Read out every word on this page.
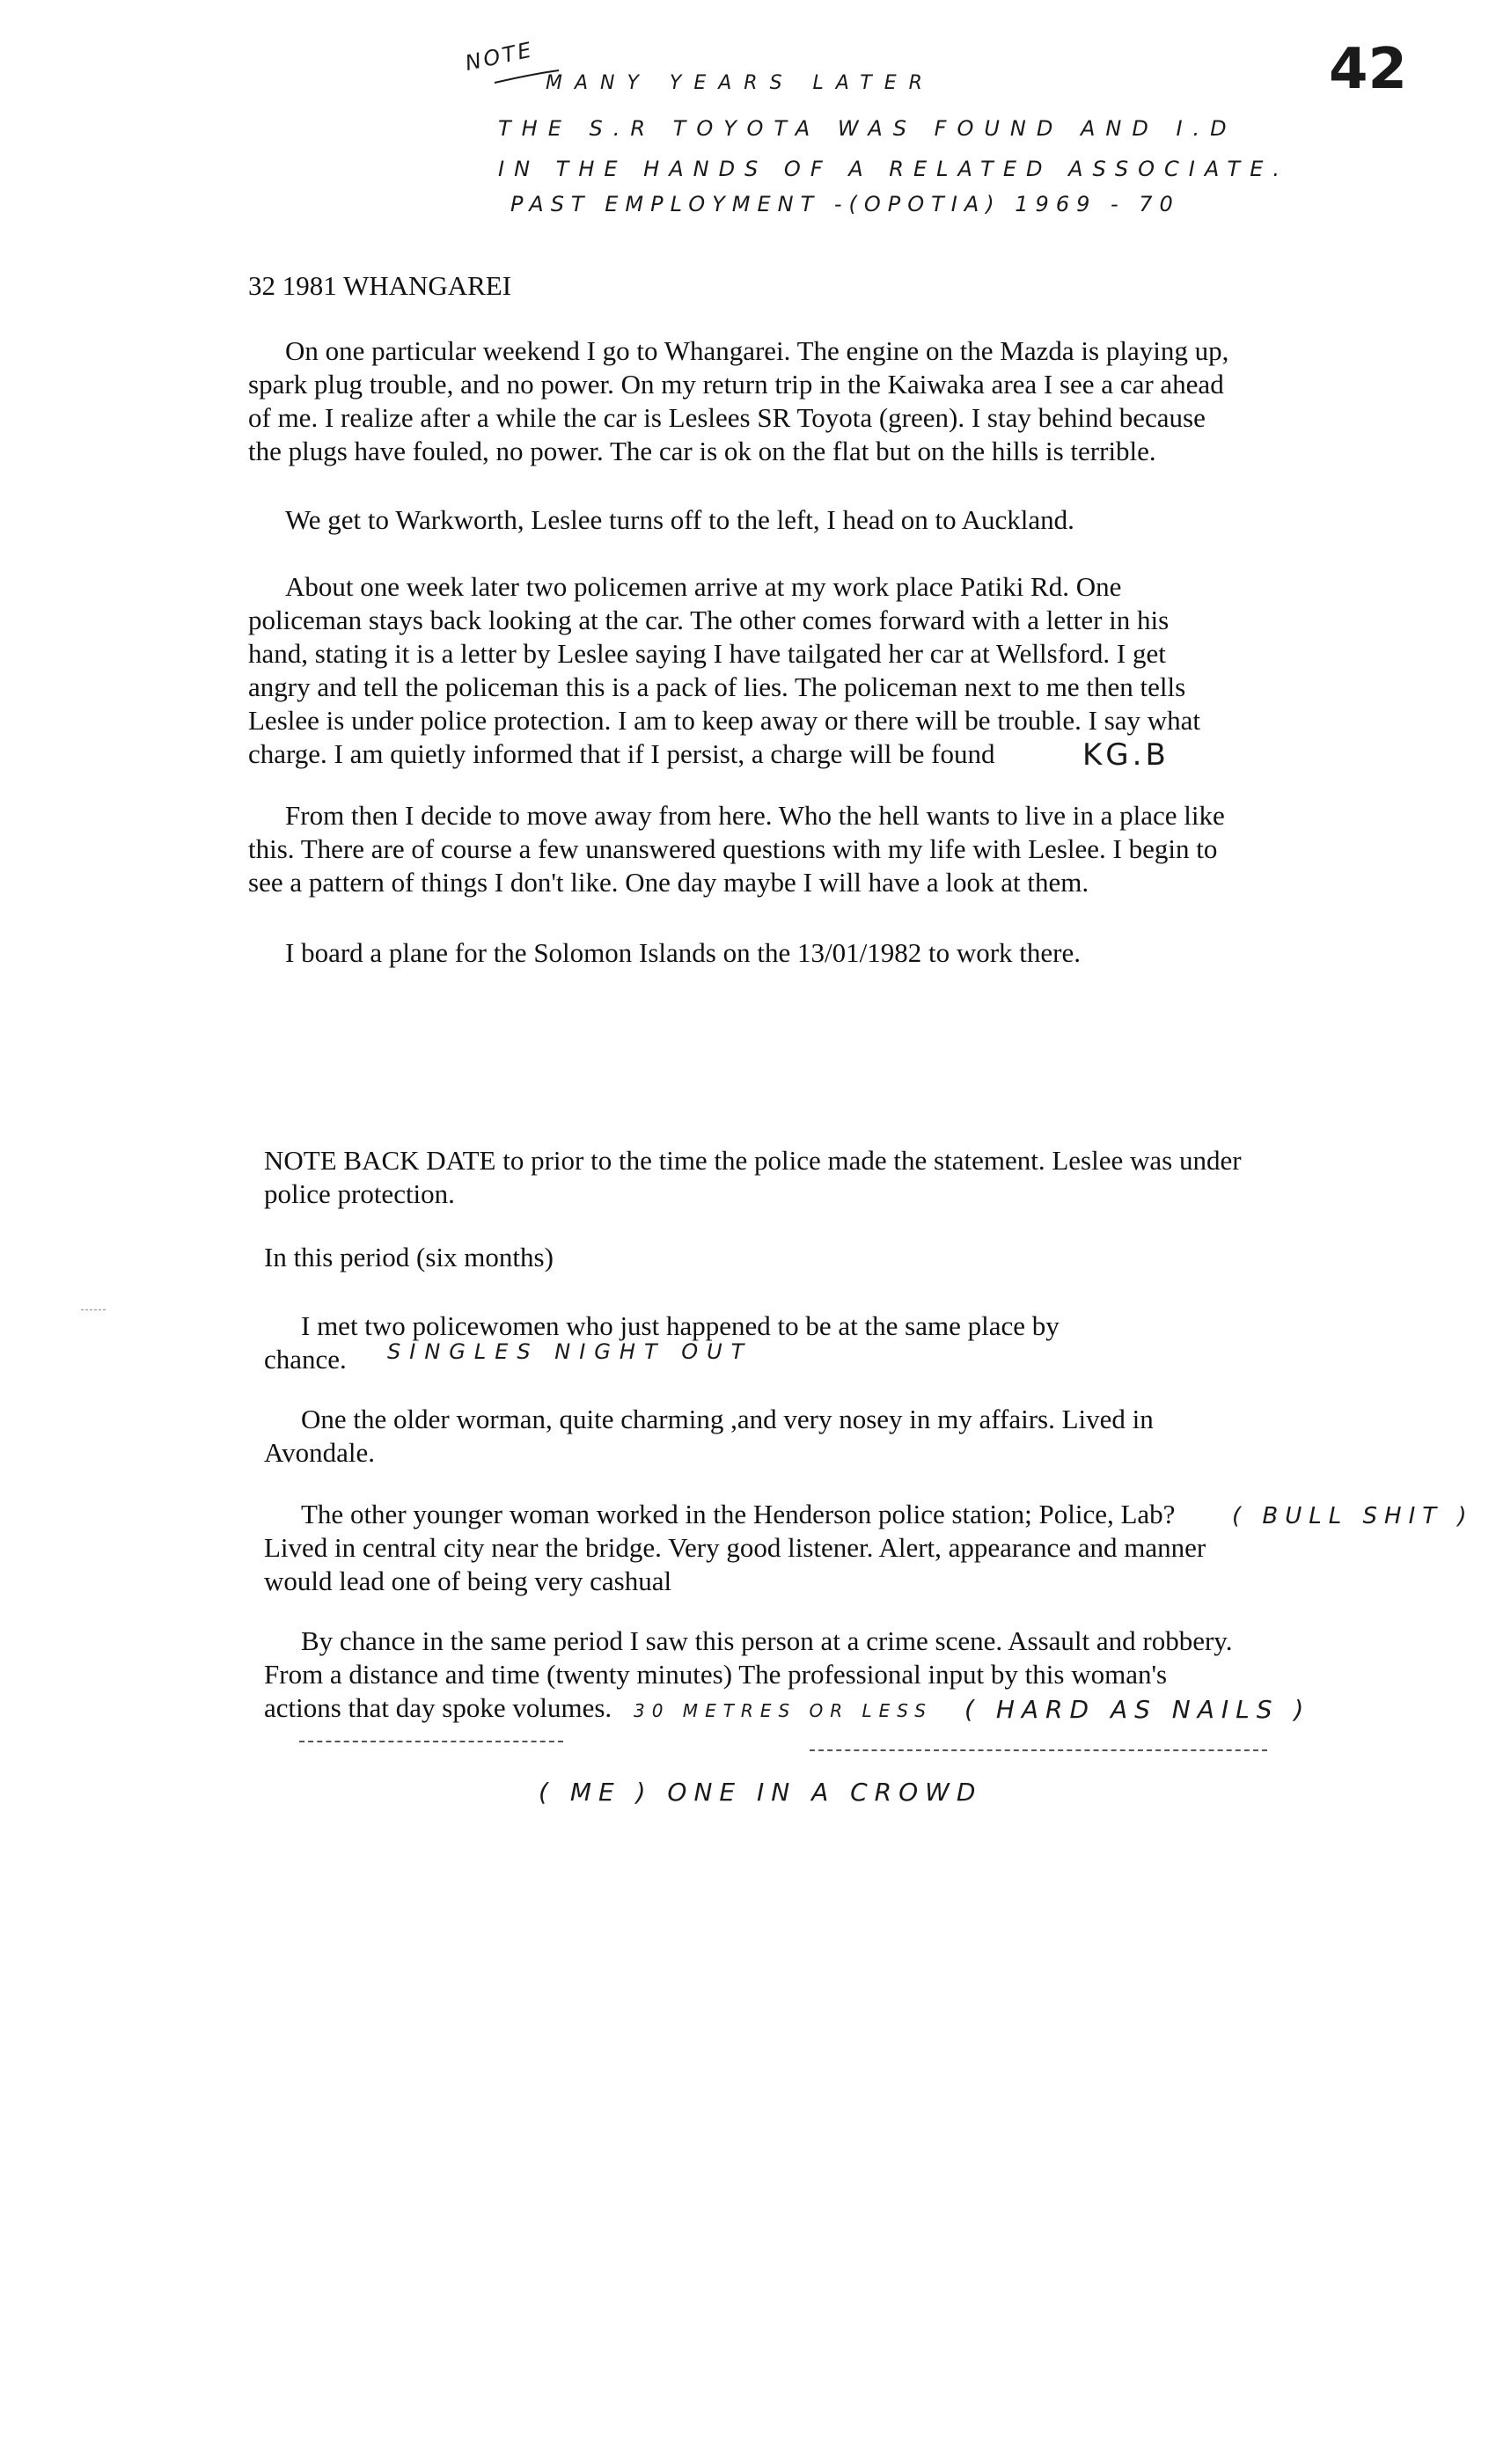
42
NOTE
MANY YEARS LATER
THE S.R TOYOTA WAS FOUND AND I.D
IN THE HANDS OF A RELATED ASSOCIATE.
PAST EMPLOYMENT -(OPOTIA) 1969 - 70
32 1981 WHANGAREI
On one particular weekend I go to Whangarei. The engine on the Mazda is playing up,
spark plug trouble, and no power. On my return trip in the Kaiwaka area I see a car ahead
of me. I realize after a while the car is Leslees SR Toyota (green). I stay behind because
the plugs have fouled, no power. The car is ok on the flat but on the hills is terrible.
We get to Warkworth, Leslee turns off to the left, I head on to Auckland.
About one week later two policemen arrive at my work place Patiki Rd. One
policeman stays back looking at the car. The other comes forward with a letter in his
hand, stating it is a letter by Leslee saying I have tailgated her car at Wellsford. I get
angry and tell the policeman this is a pack of lies. The policeman next to me then tells
Leslee is under police protection. I am to keep away or there will be trouble. I say what
charge. I am quietly informed that if I persist, a charge will be found	KG.B
From then I decide to move away from here. Who the hell wants to live in a place like
this. There are of course a few unanswered questions with my life with Leslee. I begin to
see a pattern of things I don't like. One day maybe I will have a look at them.
I board a plane for the Solomon Islands on the 13/01/1982 to work there.
NOTE BACK DATE to prior to the time the police made the statement. Leslee was under
police protection.
In this period (six months)
I met two policewomen who just happened to be at the same place by
chance.	SINGLES NIGHT OUT
One the older worman, quite charming ,and very nosey in my affairs. Lived in
Avondale.
The other younger woman worked in the Henderson police station; Police, Lab?
Lived in central city near the bridge. Very good listener. Alert, appearance and manner
would lead one of being very cashual
( BULL SHIT )
By chance in the same period I saw this person at a crime scene. Assault and robbery.
From a distance and time (twenty minutes) The professional input by this woman's
actions that day spoke volumes.	30 METRES OR LESS ( HARD AS NAILS )
( ME ) ONE IN A CROWD
